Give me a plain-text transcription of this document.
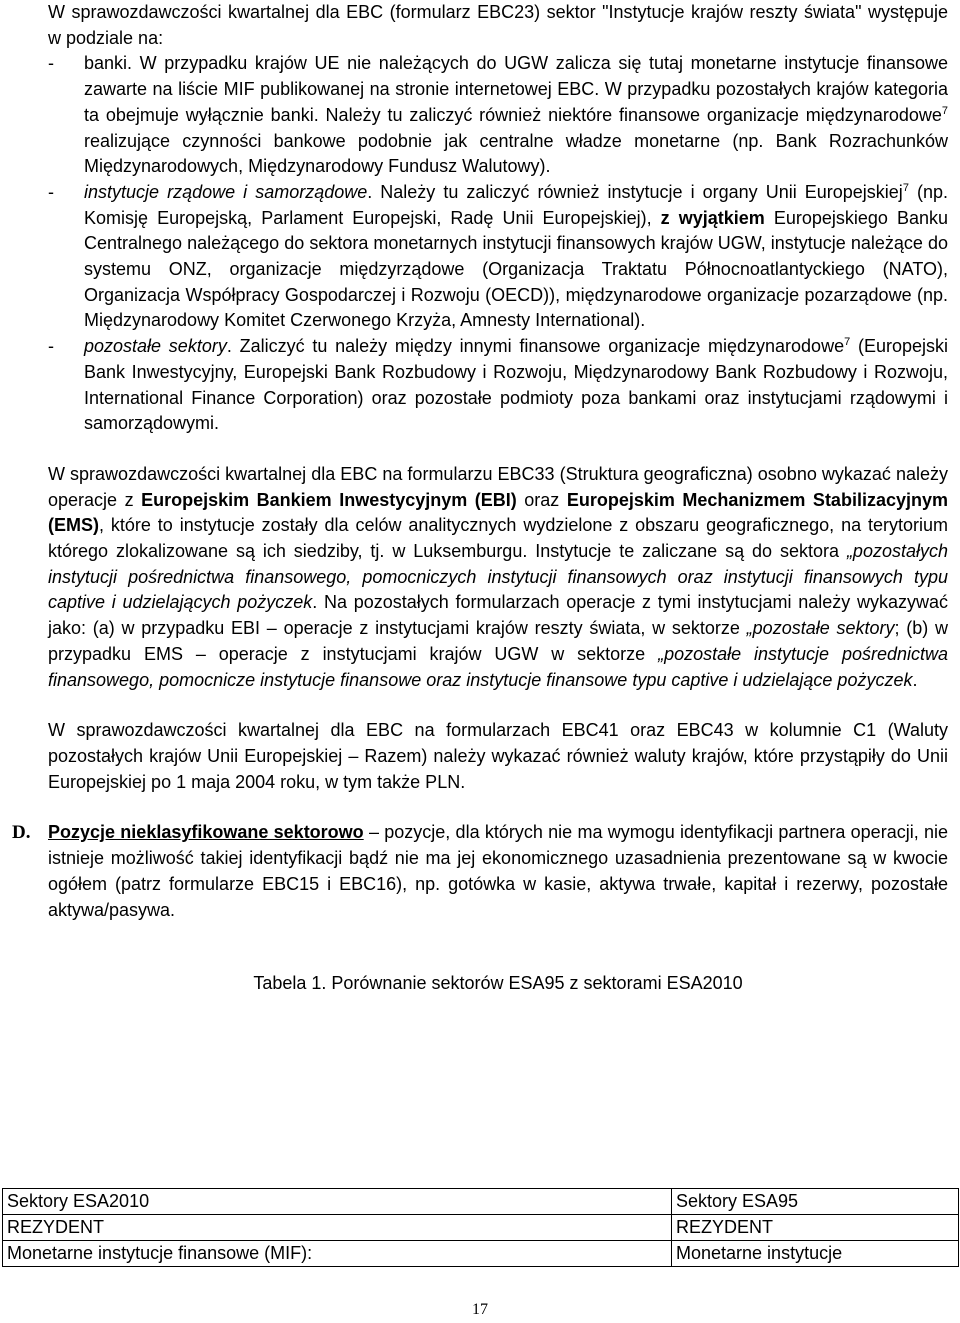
W sprawozdawczości kwartalnej dla EBC (formularz EBC23) sektor "Instytucje krajów reszty świata" występuje w podziale na:

- banki. W przypadku krajów UE nie należących do UGW zalicza się tutaj monetarne instytucje finansowe zawarte na liście MIF publikowanej na stronie internetowej EBC. W przypadku pozostałych krajów kategoria ta obejmuje wyłącznie banki. Należy tu zaliczyć również niektóre finansowe organizacje międzynarodowe$^7$ realizujące czynności bankowe podobnie jak centralne władze monetarne (np. Bank Rozrachunków Międzynarodowych, Międzynarodowy Fundusz Walutowy).

- instytucje rządowe i samorządowe. Należy tu zaliczyć również instytucje i organy Unii Europejskiej$^7$ (np. Komisję Europejską, Parlament Europejski, Radę Unii Europejskiej), z wyjątkiem Europejskiego Banku Centralnego należącego do sektora monetarnych instytucji finansowych krajów UGW, instytucje należące do systemu ONZ, organizacje międzyrządowe (Organizacja Traktatu Północnoatlantyckiego (NATO), Organizacja Współpracy Gospodarczej i Rozwoju (OECD)), międzynarodowe organizacje pozarządowe (np. Międzynarodowy Komitet Czerwonego Krzyża, Amnesty International).

- pozostałe sektory. Zaliczyć tu należy między innymi finansowe organizacje międzynarodowe$^7$ (Europejski Bank Inwestycyjny, Europejski Bank Rozbudowy i Rozwoju, Międzynarodowy Bank Rozbudowy i Rozwoju, International Finance Corporation) oraz pozostałe podmioty poza bankami oraz instytucjami rządowymi i samorządowymi.

W sprawozdawczości kwartalnej dla EBC na formularzu EBC33 (Struktura geograficzna) osobno wykazać należy operacje z Europejskim Bankiem Inwestycyjnym (EBI) oraz Europejskim Mechanizmem Stabilizacyjnym (EMS), które to instytucje zostały dla celów analitycznych wydzielone z obszaru geograficznego, na terytorium którego zlokalizowane są ich siedziby, tj. w Luksemburgu. Instytucje te zaliczane są do sektora „pozostałych instytucji pośrednictwa finansowego, pomocniczych instytucji finansowych oraz instytucji finansowych typu captive i udzielających pożyczek. Na pozostałych formularzach operacje z tymi instytucjami należy wykazywać jako: (a) w przypadku EBI – operacje z instytucjami krajów reszty świata, w sektorze „pozostałe sektory; (b) w przypadku EMS – operacje z instytucjami krajów UGW w sektorze „pozostałe instytucje pośrednictwa finansowego, pomocnicze instytucje finansowe oraz instytucje finansowe typu captive i udzielające pożyczek.

W sprawozdawczości kwartalnej dla EBC na formularzach EBC41 oraz EBC43 w kolumnie C1 (Waluty pozostałych krajów Unii Europejskiej – Razem) należy wykazać również waluty krajów, które przystąpiły do Unii Europejskiej po 1 maja 2004 roku, w tym także PLN.

D. Pozycje nieklasyfikowane sektorowo – pozycje, dla których nie ma wymogu identyfikacji partnera operacji, nie istnieje możliwość takiej identyfikacji bądź nie ma jej ekonomicznego uzasadnienia prezentowane są w kwocie ogółem (patrz formularze EBC15 i EBC16), np. gotówka w kasie, aktywa trwałe, kapitał i rezerwy, pozostałe aktywa/pasywa.

Tabela 1. Porównanie sektorów ESA95 z sektorami ESA2010
Sektory ESA2010	Sektory ESA95
REZYDENT	REZYDENT
Monetarne instytucje finansowe (MIF):	Monetarne instytucje
17
